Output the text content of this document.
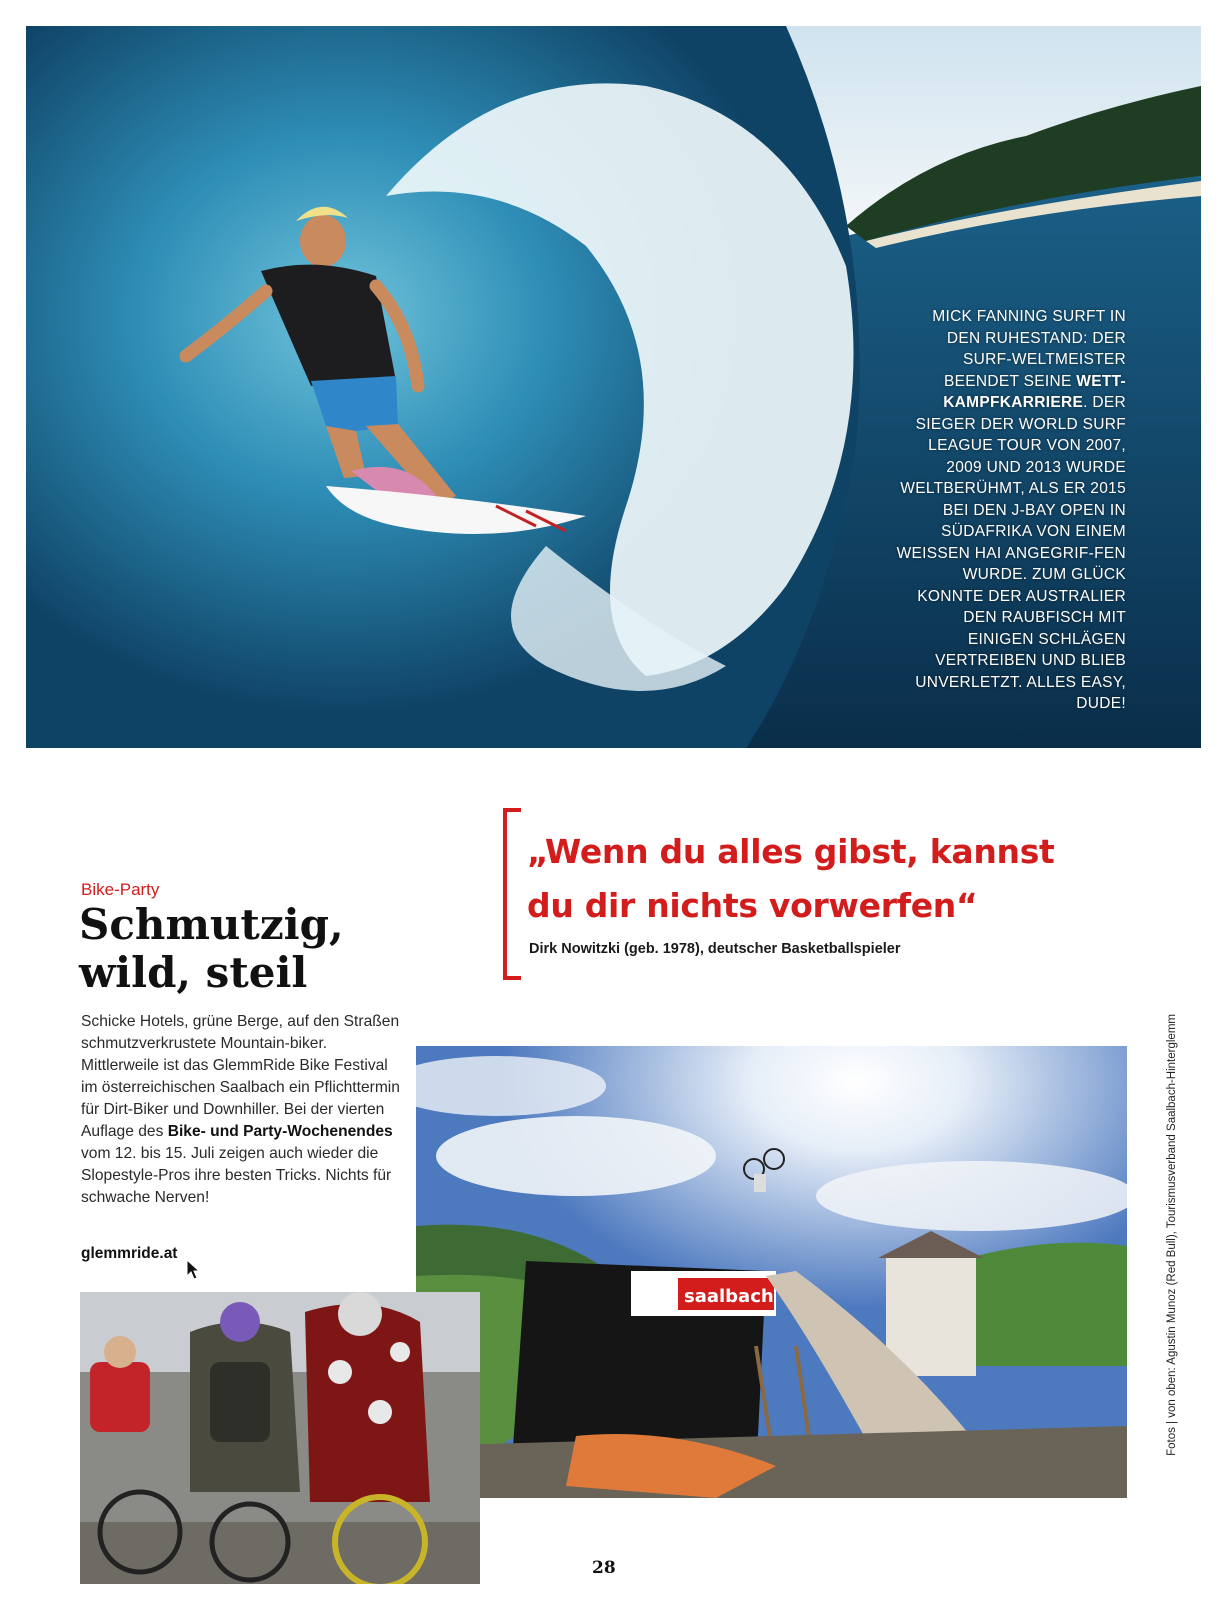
MICK FANNING SURFT IN DEN RUHESTAND: DER SURF-WELTMEISTER BEENDET SEINE WETT-KAMPFKARRIERE. DER SIEGER DER WORLD SURF LEAGUE TOUR VON 2007, 2009 UND 2013 WURDE WELTBERÜHMT, ALS ER 2015 BEI DEN J-BAY OPEN IN SÜDAFRIKA VON EINEM WEISSEN HAI ANGEGRIF-FEN WURDE. ZUM GLÜCK KONNTE DER AUSTRALIER DEN RAUBFISCH MIT EINIGEN SCHLÄGEN VERTREIBEN UND BLIEB UNVERLETZT. ALLES EASY, DUDE!
„Wenn du alles gibst, kannst
du dir nichts vorwerfen“
Dirk Nowitzki (geb. 1978), deutscher Basketballspieler
Bike-Party
Schmutzig,
wild, steil
Schicke Hotels, grüne Berge, auf den Straßen schmutzverkrustete Mountain-biker. Mittlerweile ist das GlemmRide Bike Festival im österreichischen Saalbach ein Pflichttermin für Dirt-Biker und Downhiller. Bei der vierten Auflage des Bike- und Party-Wochenendes vom 12. bis 15. Juli zeigen auch wieder die Slopestyle-Pros ihre besten Tricks. Nichts für schwache Nerven!
glemmride.at
saalbach	Fotos | von oben: Agustin Munoz (Red Bull), Tourismusverband Saalbach-Hinterglemm
28
